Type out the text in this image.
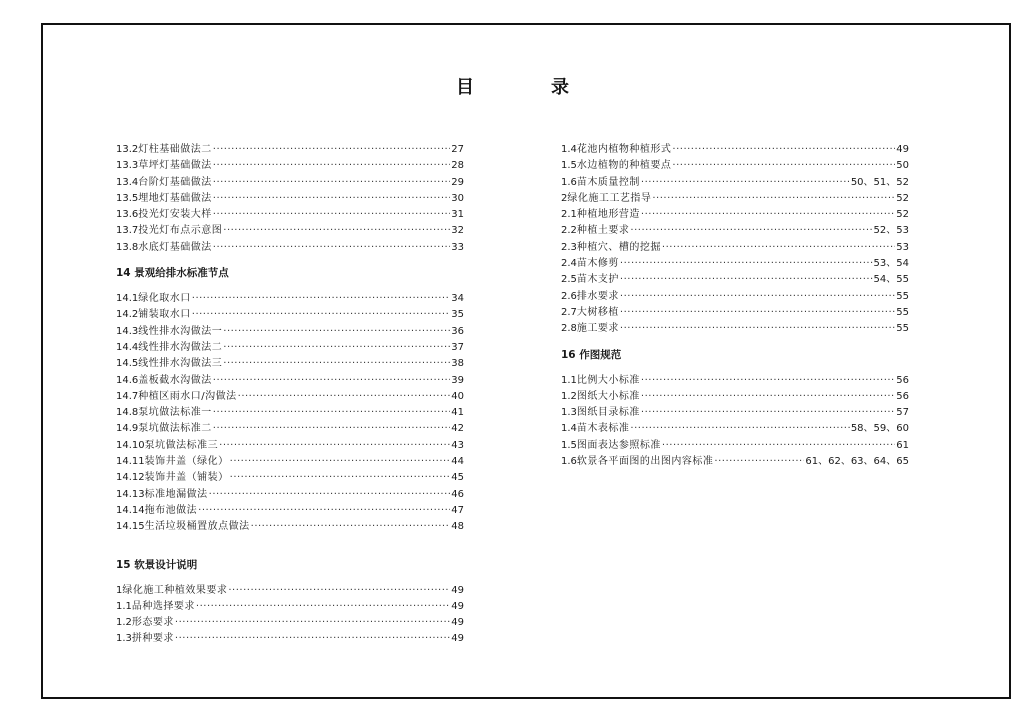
目	录
13.2 灯柱基础做法二 ·····	27
13.3 草坪灯基础做法 ·····	28
13.4 台阶灯基础做法 ·····	29
13.5 埋地灯基础做法 ·····	30
13.6 投光灯安装大样 ·····	31
13.7 投光灯布点示意图 ·····	32
13.8 水底灯基础做法 ·····	33
14 景观给排水标准节点
14.1 绿化取水口 ·····	34
14.2 铺装取水口 ·····	35
14.3 线性排水沟做法一 ·····	36
14.4 线性排水沟做法二 ·····	37
14.5 线性排水沟做法三 ·····	38
14.6 盖板截水沟做法 ·····	39
14.7 种植区雨水口/沟做法 ·····	40
14.8 泵坑做法标准一 ·····	41
14.9 泵坑做法标准二 ·····	42
14.10 泵坑做法标准三 ·····	43
14.11 装饰井盖（绿化） ·····	44
14.12 装饰井盖（铺装） ·····	45
14.13 标准地漏做法 ·····	46
14.14 拖布池做法 ·····	47
14.15 生活垃圾桶置放点做法 ·····	48
15 软景设计说明
1 绿化施工种植效果要求 ·····	49
1.1 品种选择要求 ·····	49
1.2 形态要求 ·····	49
1.3 拼种要求 ·····	49
1.4 花池内植物种植形式 ·····	49
1.5 水边植物的种植要点 ·····	50
1.6 苗木质量控制 ·····	50、51、52
2 绿化施工工艺指导 ·····	52
2.1 种植地形营造 ·····	52
2.2 种植土要求 ·····	52、53
2.3 种植穴、槽的挖掘 ·····	53
2.4 苗木修剪 ·····	53、54
2.5 苗木支护 ·····	54、55
2.6 排水要求 ·····	55
2.7 大树移植 ·····	55
2.8 施工要求 ·····	55
16 作图规范
1.1 比例大小标准 ·····	56
1.2 图纸大小标准 ·····	56
1.3 图纸目录标准 ·····	57
1.4 苗木表标准 ·····	58、59、60
1.5 图面表达参照标准 ·····	61
1.6 软景各平面图的出图内容标准 ·····	61、62、63、64、65
